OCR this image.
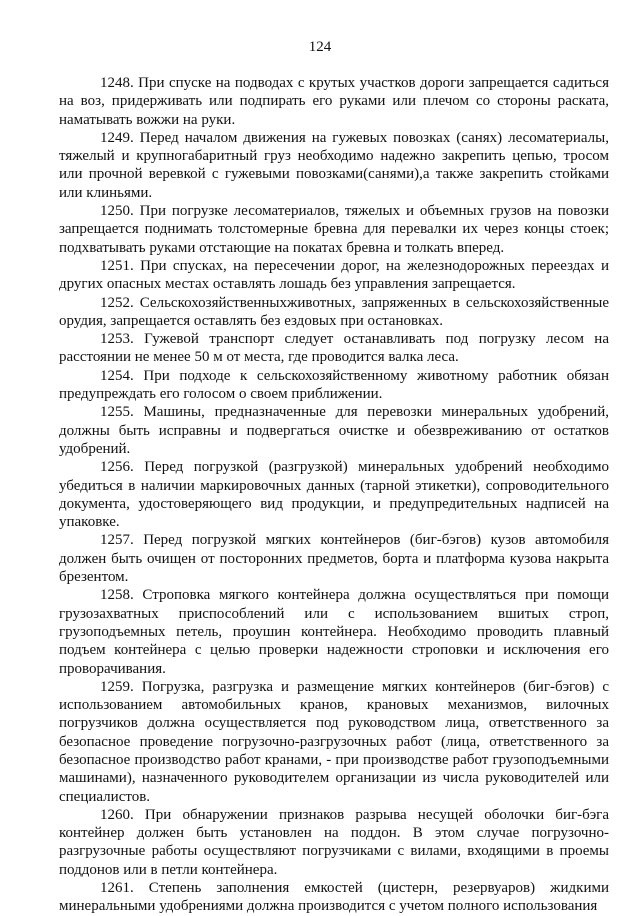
124

1248. При спуске на подводах с крутых участков дороги запрещается садиться на воз, придерживать или подпирать его руками или плечом со стороны раската, наматывать вожжи на руки.

1249. Перед началом движения на гужевых повозках (санях) лесоматериалы, тяжелый и крупногабаритный груз необходимо надежно закрепить цепью, тросом или прочной веревкой с гужевыми повозками(санями),а также закрепить стойками или клиньями.

1250. При погрузке лесоматериалов, тяжелых и объемных грузов на повозки запрещается поднимать толстомерные бревна для перевалки их через концы стоек; подхватывать руками отстающие на покатах бревна и толкать вперед.

1251. При спусках, на пересечении дорог, на железнодорожных переездах и других опасных местах оставлять лошадь без управления запрещается.

1252. Сельскохозяйственныхживотных, запряженных в сельскохозяйственные орудия, запрещается оставлять без ездовых при остановках.

1253. Гужевой транспорт следует останавливать под погрузку лесом на расстоянии не менее 50 м от места, где проводится валка леса.

1254. При подходе к сельскохозяйственному животному работник обязан предупреждать его голосом о своем приближении.

1255. Машины, предназначенные для перевозки минеральных удобрений, должны быть исправны и подвергаться очистке и обезвреживанию от остатков удобрений.

1256. Перед погрузкой (разгрузкой) минеральных удобрений необходимо убедиться в наличии маркировочных данных (тарной этикетки), сопроводительного документа, удостоверяющего вид продукции, и предупредительных надписей на упаковке.

1257. Перед погрузкой мягких контейнеров (биг-бэгов) кузов автомобиля должен быть очищен от посторонних предметов, борта и платформа кузова накрыта брезентом.

1258. Строповка мягкого контейнера должна осуществляться при помощи грузозахватных приспособлений или с использованием вшитых строп, грузоподъемных петель, проушин контейнера. Необходимо проводить плавный подъем контейнера с целью проверки надежности строповки и исключения его проворачивания.

1259. Погрузка, разгрузка и размещение мягких контейнеров (биг-бэгов) с использованием автомобильных кранов, крановых механизмов, вилочных погрузчиков должна осуществляется под руководством лица, ответственного за безопасное проведение погрузочно-разгрузочных работ (лица, ответственного за безопасное производство работ кранами, - при производстве работ грузоподъемными машинами), назначенного руководителем организации из числа руководителей или специалистов.

1260. При обнаружении признаков разрыва несущей оболочки биг-бэга контейнер должен быть установлен на поддон. В этом случае погрузочно-разгрузочные работы осуществляют погрузчиками с вилами, входящими в проемы поддонов или в петли контейнера.

1261. Степень заполнения емкостей (цистерн, резервуаров) жидкими минеральными удобрениями должна производится с учетом полного использования
